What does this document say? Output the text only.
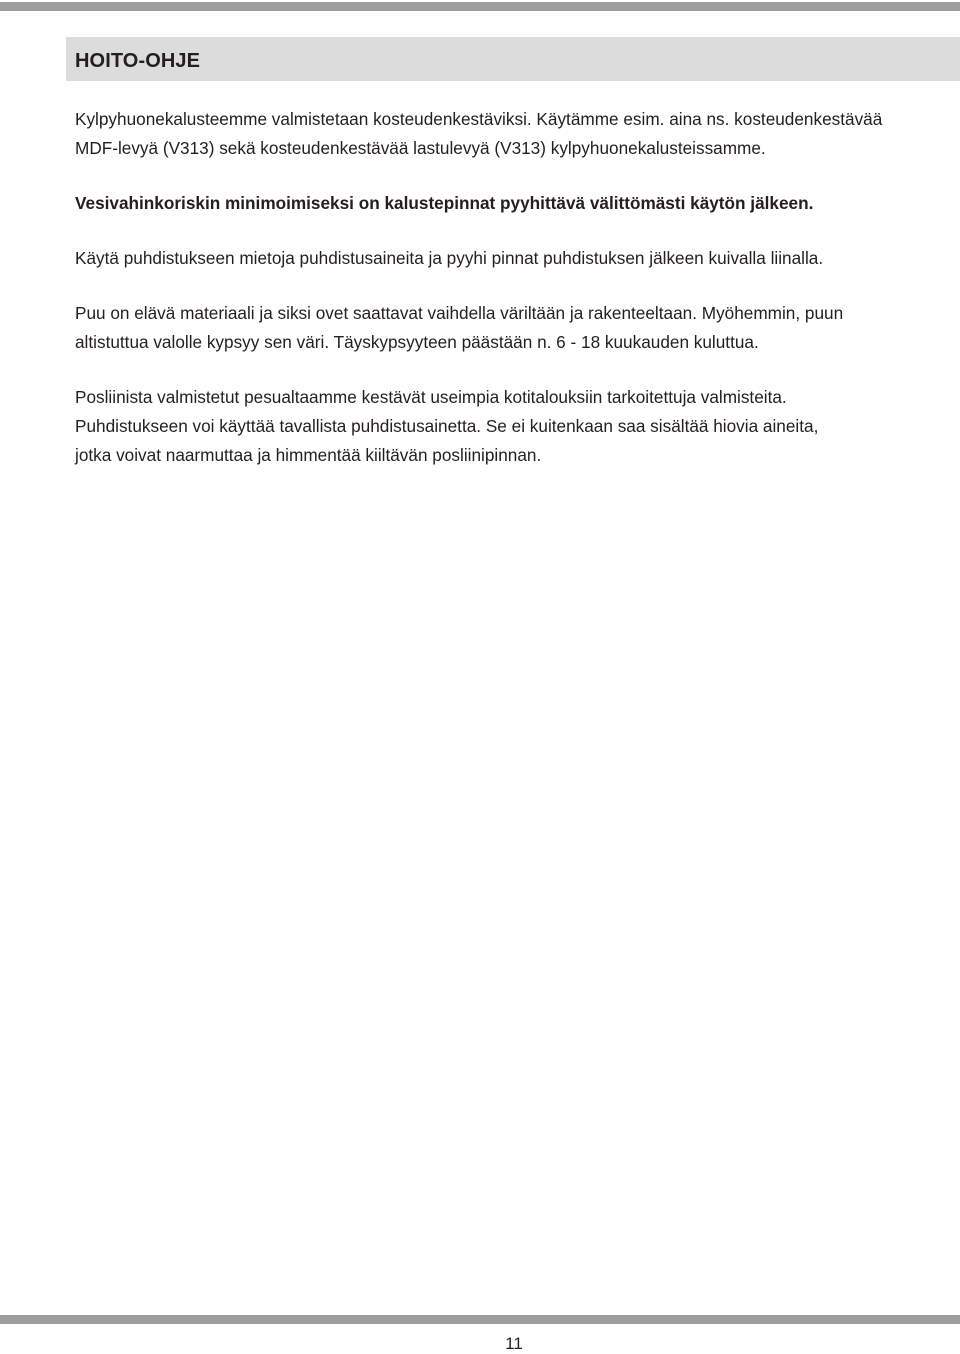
HOITO-OHJE

Kylpyhuonekalusteemme valmistetaan kosteudenkestäviksi. Käytämme esim. aina ns. kosteudenkestävää
MDF-levyä (V313) sekä kosteudenkestävää lastulevyä (V313) kylpyhuonekalusteissamme.

Vesivahinkoriskin minimoimiseksi on kalustepinnat pyyhittävä välittömästi käytön jälkeen.

Käytä puhdistukseen mietoja puhdistusaineita ja pyyhi pinnat puhdistuksen jälkeen kuivalla liinalla.

Puu on elävä materiaali ja siksi ovet saattavat vaihdella väriltään ja rakenteeltaan. Myöhemmin, puun
altistuttua valolle kypsyy sen väri. Täyskypsyyteen päästään n. 6 - 18 kuukauden kuluttua.

Posliinista valmistetut pesualtaamme kestävät useimpia kotitalouksiin tarkoitettuja valmisteita.
Puhdistukseen voi käyttää tavallista puhdistusainetta. Se ei kuitenkaan saa sisältää hiovia aineita,
jotka voivat naarmuttaa ja himmentää kiiltävän posliinipinnan.

11
